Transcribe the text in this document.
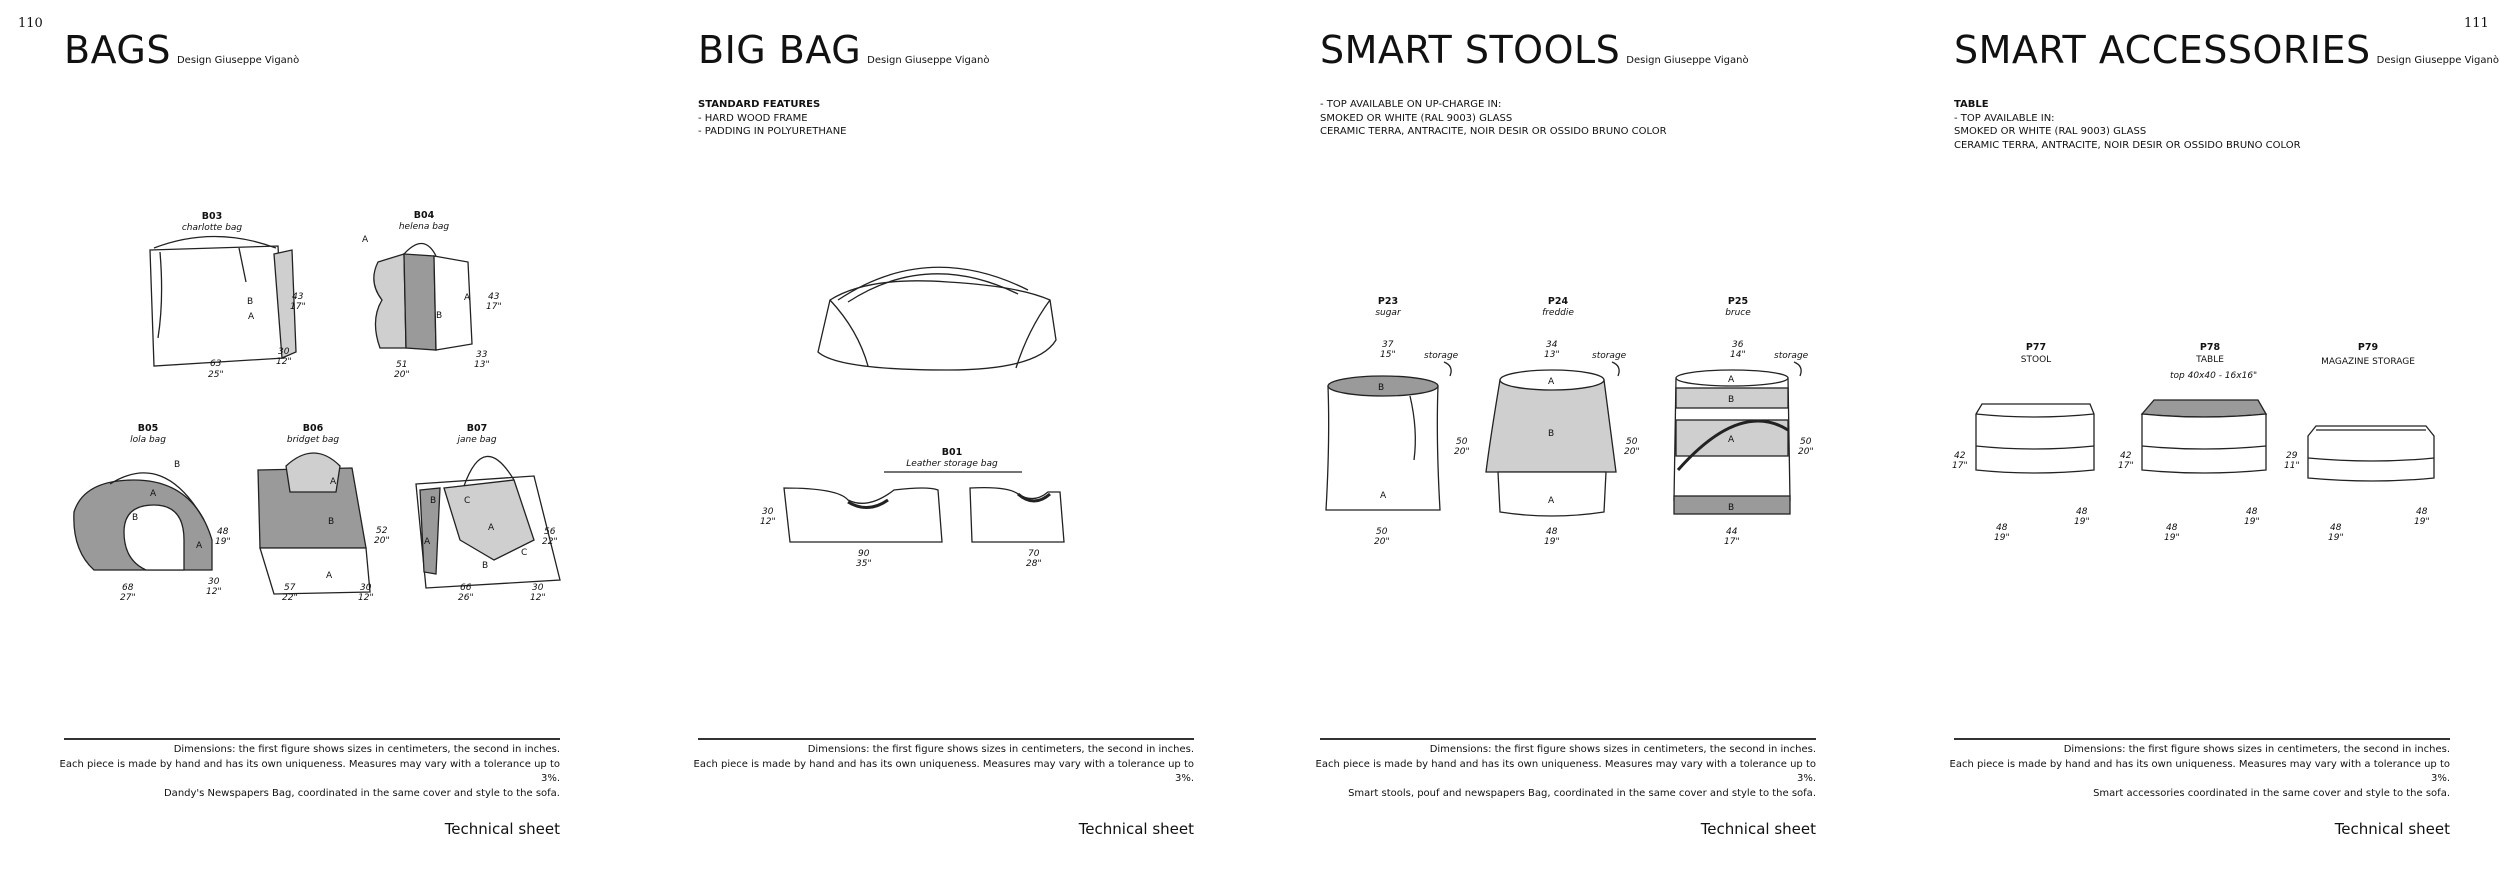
110	111
BAGS Design Giuseppe Viganò
B03
charlotte bag
B
A
63
25"
43
17"
30
12"
B04
helena bag
A
A
B
51
20"
43
17"
33
13"
B05
lola bag
B
A
B
A
68
27"
48
19"
30
12"
B06
bridget bag
A
B
A
52
20"
57
22"
30
12"
B07
jane bag
B	C
A
B
C
A
56
22"
66
26"
30
12"
Dimensions: the first figure shows sizes in centimeters, the second in inches.
Each piece is made by hand and has its own uniqueness. Measures may vary with a tolerance up to 3%.
Dandy's Newspapers Bag, coordinated in the same cover and style to the sofa.
Technical sheet
BIG BAG Design Giuseppe Viganò
STANDARD FEATURES
- HARD WOOD FRAME
- PADDING IN POLYURETHANE
B01
Leather storage bag
30
12"
90
35"
70
28"
Dimensions: the first figure shows sizes in centimeters, the second in inches.
Each piece is made by hand and has its own uniqueness. Measures may vary with a tolerance up to 3%.
Technical sheet
SMART STOOLS Design Giuseppe Viganò
- TOP AVAILABLE ON UP-CHARGE IN:
SMOKED OR WHITE (RAL 9003) GLASS
CERAMIC TERRA, ANTRACITE, NOIR DESIR OR OSSIDO BRUNO COLOR
P23
sugar
37
15"	storage
B
A
50
20"
50
20"
P24
freddie
34
13"	storage
A
B
A
50
20"
48
19"
P25
bruce
36
14"	storage
A
B
A
B
50
20"
44
17"
Dimensions: the first figure shows sizes in centimeters, the second in inches.
Each piece is made by hand and has its own uniqueness. Measures may vary with a tolerance up to 3%.
Smart stools, pouf and newspapers Bag, coordinated in the same cover and style to the sofa.
Technical sheet
SMART ACCESSORIES Design Giuseppe Viganò
TABLE
- TOP AVAILABLE IN:
SMOKED OR WHITE (RAL 9003) GLASS
CERAMIC TERRA, ANTRACITE, NOIR DESIR OR OSSIDO BRUNO COLOR
P77
STOOL
42
17"
48
19"
48
19"
P78
TABLE
top 40x40 - 16x16"
42
17"
48
19"
48
19"
P79
MAGAZINE STORAGE
29
11"
48
19"
48
19"
Dimensions: the first figure shows sizes in centimeters, the second in inches.
Each piece is made by hand and has its own uniqueness. Measures may vary with a tolerance up to 3%.
Smart accessories coordinated in the same cover and style to the sofa.
Technical sheet
